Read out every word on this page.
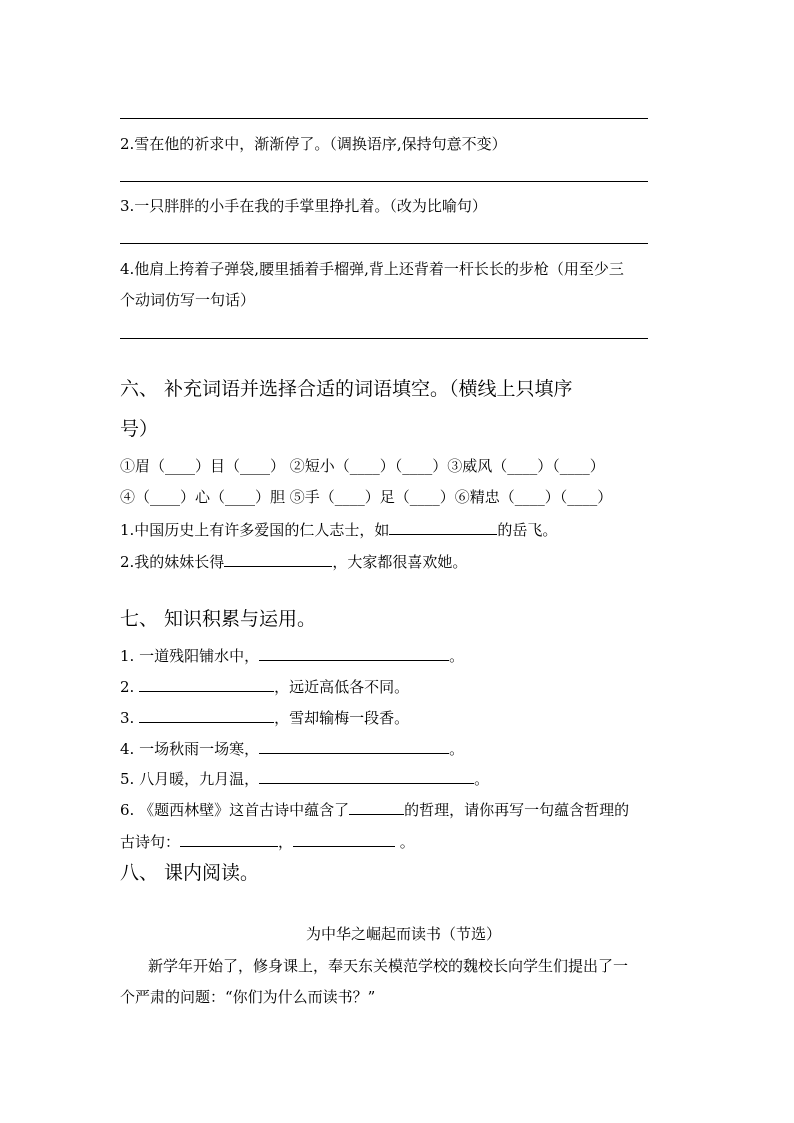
2.雪在他的祈求中，渐渐停了。（调换语序,保持句意不变）
3.一只胖胖的小手在我的手掌里挣扎着。（改为比喻句）
4.他肩上挎着子弹袋,腰里插着手榴弹,背上还背着一杆长长的步枪（用至少三
个动词仿写一句话）
六、 补充词语并选择合适的词语填空。（横线上只填序
号）
①眉（____）目（____） ②短小（____）（____）③威风（____）（____）
④（____）心（____）胆 ⑤手（____）足（____）⑥精忠（____）（____）
1.中国历史上有许多爱国的仁人志士，如	的岳飞。
2.我的妹妹长得	，大家都很喜欢她。
七、 知识积累与运用。
1. 一道残阳铺水中，	。
2.	，远近高低各不同。
3.	，雪却输梅一段香。
4. 一场秋雨一场寒，	。
5. 八月暖，九月温，	。
6. 《题西林壁》这首古诗中蕴含了	的哲理，请你再写一句蕴含哲理的
古诗句：	，	。
八、 课内阅读。
为中华之崛起而读书（节选）
新学年开始了，修身课上，奉天东关模范学校的魏校长向学生们提出了一
个严肃的问题：“你们为什么而读书？”
